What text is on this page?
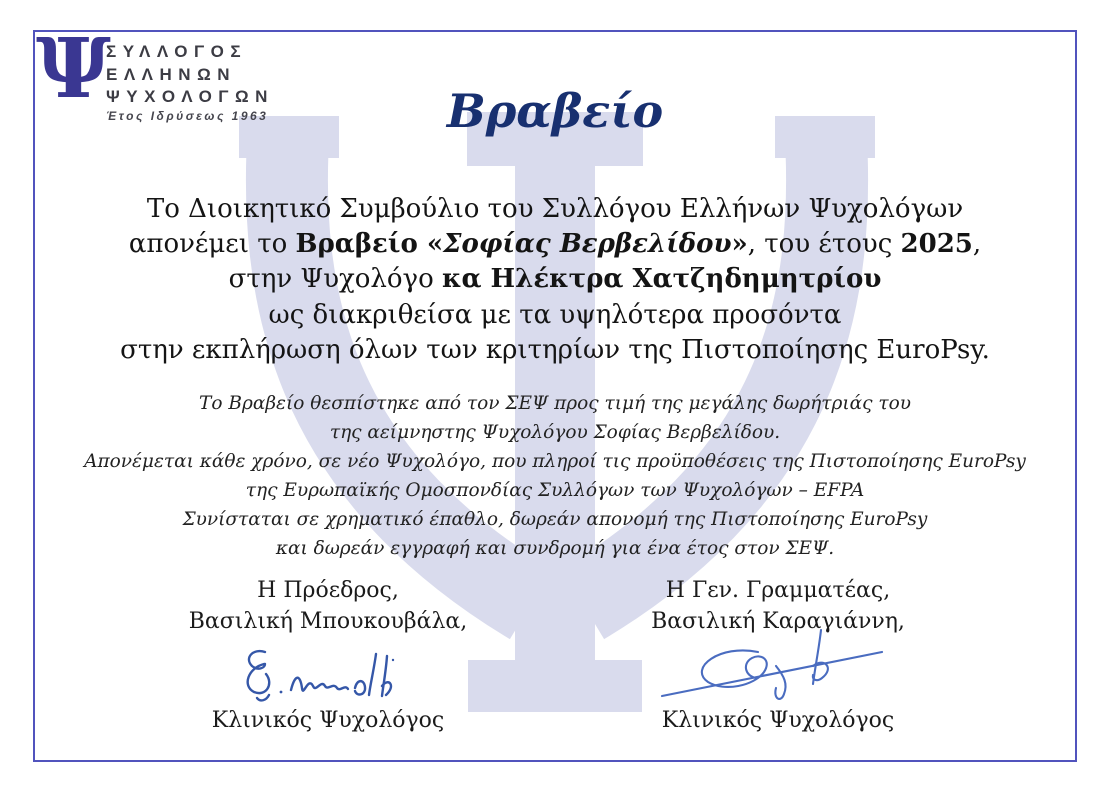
Ψ
ΣΥΛΛΟΓΟΣ
ΕΛΛΗΝΩΝ
ΨΥΧΟΛΟΓΩΝ
Έτος Ιδρύσεως 1963	Βραβείο
Το Διοικητικό Συμβούλιο του Συλλόγου Ελλήνων Ψυχολόγων
απονέμει το Βραβείο «Σοφίας Βερβελίδου», του έτους 2025,
στην Ψυχολόγο κα Ηλέκτρα Χατζηδημητρίου
ως διακριθείσα με τα υψηλότερα προσόντα
στην εκπλήρωση όλων των κριτηρίων της Πιστοποίησης EuroPsy.
Το Βραβείο θεσπίστηκε από τον ΣΕΨ προς τιμή της μεγάλης δωρήτριάς του
της αείμνηστης Ψυχολόγου Σοφίας Βερβελίδου.
Απονέμεται κάθε χρόνο, σε νέο Ψυχολόγο, που πληροί τις προϋποθέσεις της Πιστοποίησης EuroPsy
της Ευρωπαϊκής Ομοσπονδίας Συλλόγων των Ψυχολόγων – EFPA
Συνίσταται σε χρηματικό έπαθλο, δωρεάν απονομή της Πιστοποίησης EuroPsy
και δωρεάν εγγραφή και συνδρομή για ένα έτος στον ΣΕΨ.
Η Πρόεδρος,
Βασιλική Μπουκουβάλα,
Κλινικός Ψυχολόγος
Η Γεν. Γραμματέας,
Βασιλική Καραγιάννη,
Κλινικός Ψυχολόγος
